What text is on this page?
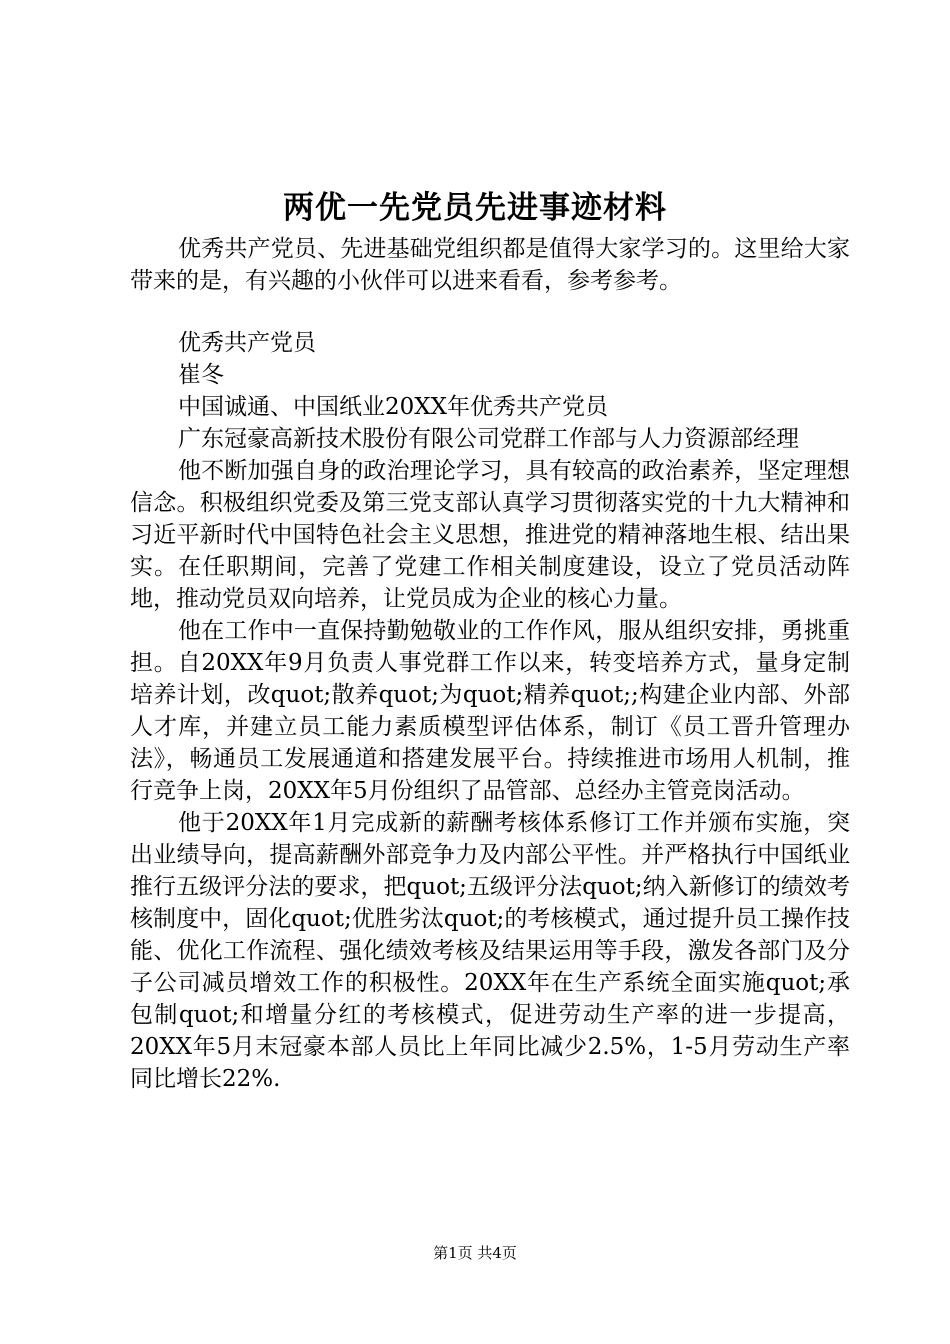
两优一先党员先进事迹材料

优秀共产党员、先进基础党组织都是值得大家学习的。这里给大家带来的是，有兴趣的小伙伴可以进来看看，参考参考。

优秀共产党员

崔冬

中国诚通、中国纸业20XX年优秀共产党员

广东冠豪高新技术股份有限公司党群工作部与人力资源部经理

他不断加强自身的政治理论学习，具有较高的政治素养，坚定理想信念。积极组织党委及第三党支部认真学习贯彻落实党的十九大精神和习近平新时代中国特色社会主义思想，推进党的精神落地生根、结出果实。在任职期间，完善了党建工作相关制度建设，设立了党员活动阵地，推动党员双向培养，让党员成为企业的核心力量。

他在工作中一直保持勤勉敬业的工作作风，服从组织安排，勇挑重担。自20XX年9月负责人事党群工作以来，转变培养方式，量身定制培养计划，改quot;散养quot;为quot;精养quot;;构建企业内部、外部人才库，并建立员工能力素质模型评估体系，制订《员工晋升管理办法》，畅通员工发展通道和搭建发展平台。持续推进市场用人机制，推行竞争上岗，20XX年5月份组织了品管部、总经办主管竞岗活动。

他于20XX年1月完成新的薪酬考核体系修订工作并颁布实施，突出业绩导向，提高薪酬外部竞争力及内部公平性。并严格执行中国纸业推行五级评分法的要求，把quot;五级评分法quot;纳入新修订的绩效考核制度中，固化quot;优胜劣汰quot;的考核模式，通过提升员工操作技能、优化工作流程、强化绩效考核及结果运用等手段，激发各部门及分子公司减员增效工作的积极性。20XX年在生产系统全面实施quot;承包制quot;和增量分红的考核模式，促进劳动生产率的进一步提高，20XX年5月末冠豪本部人员比上年同比减少2.5%，1-5月劳动生产率同比增长22%.

第1页 共4页
